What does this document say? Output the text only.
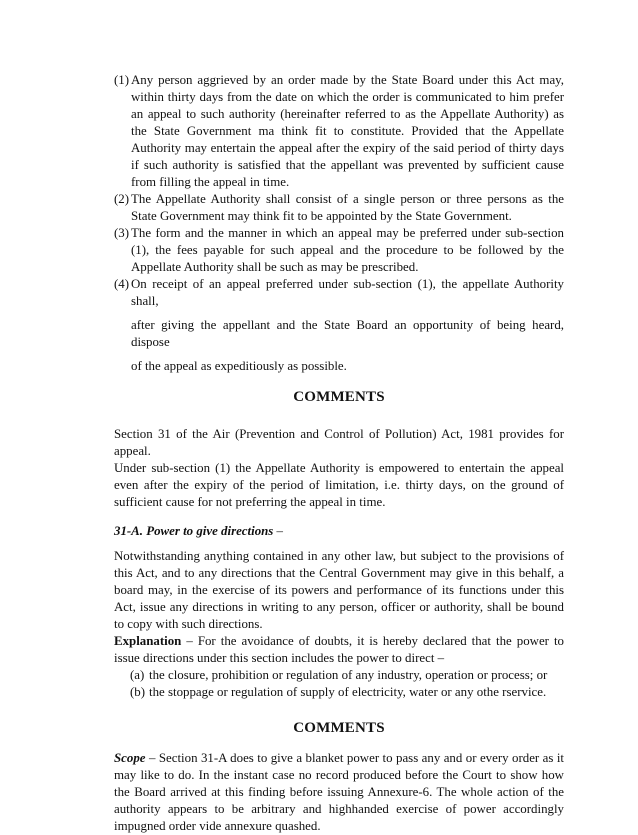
(1) Any person aggrieved by an order made by the State Board under this Act may, within thirty days from the date on which the order is communicated to him prefer an appeal to such authority (hereinafter referred to as the Appellate Authority) as the State Government ma think fit to constitute. Provided that the Appellate Authority may entertain the appeal after the expiry of the said period of thirty days if such authority is satisfied that the appellant was prevented by sufficient cause from filling the appeal in time.
(2) The Appellate Authority shall consist of a single person or three persons as the State Government may think fit to be appointed by the State Government.
(3) The form and the manner in which an appeal may be preferred under sub-section (1), the fees payable for such appeal and the procedure to be followed by the Appellate Authority shall be such as may be prescribed.
(4) On receipt of an appeal preferred under sub-section (1), the appellate Authority shall,

after giving the appellant and the State Board an opportunity of being heard, dispose

of the appeal as expeditiously as possible.

COMMENTS

Section 31 of the Air (Prevention and Control of Pollution) Act, 1981 provides for appeal.

Under sub-section (1) the Appellate Authority is empowered to entertain the appeal even after the expiry of the period of limitation, i.e. thirty days, on the ground of sufficient cause for not preferring the appeal in time.

31-A. Power to give directions –

Notwithstanding anything contained in any other law, but subject to the provisions of this Act, and to any directions that the Central Government may give in this behalf, a board may, in the exercise of its powers and performance of its functions under this Act, issue any directions in writing to any person, officer or authority, shall be bound to copy with such directions.

Explanation – For the avoidance of doubts, it is hereby declared that the power to issue directions under this section includes the power to direct –

(a) the closure, prohibition or regulation of any industry, operation or process; or
(b) the stoppage or regulation of supply of electricity, water or any othe rservice.
COMMENTS

Scope – Section 31-A does to give a blanket power to pass any and or every order as it may like to do. In the instant case no record produced before the Court to show how the Board arrived at this finding before issuing Annexure-6. The whole action of the authority appears to be arbitrary and highhanded exercise of power accordingly impugned order vide annexure quashed.
